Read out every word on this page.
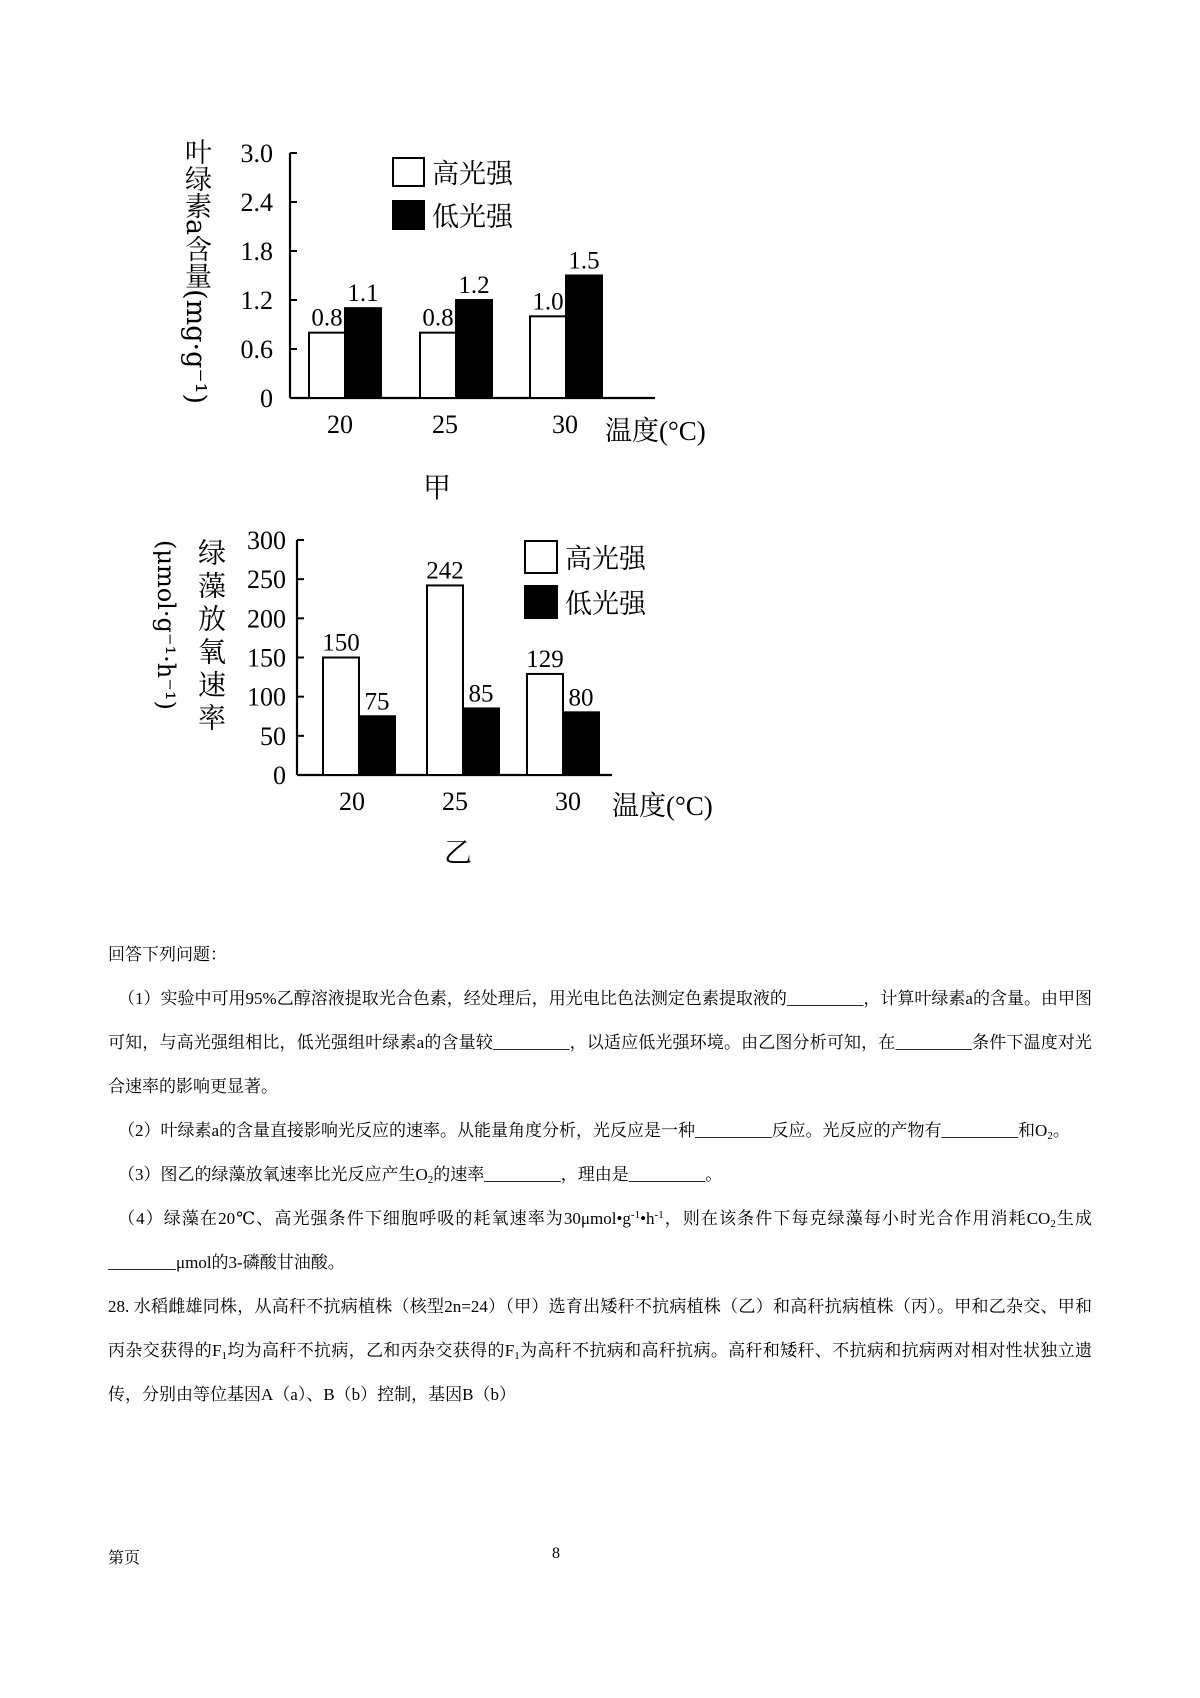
0
0.6
1.2
1.8
2.4
3.0
20	25	30
0.8	0.8
1.0
高光强
1.1	1.2
1.5
低光强
温度(°C)
甲
0
50
100
150
200
250
300
20	25	30
150
242
129
高光强
75	85	80
低光强
温度(°C)
乙
叶绿素a含量(mg·g⁻¹)
绿藻放氧速率
(μmol·g⁻¹·h⁻¹)

回答下列问题：

（1）实验中可用95%乙醇溶液提取光合色素，经处理后，用光电比色法测定色素提取液的_________，计算叶绿素a的含量。由甲图可知，与高光强组相比，低光强组叶绿素a的含量较_________，以适应低光强环境。由乙图分析可知，在_________条件下温度对光合速率的影响更显著。

（2）叶绿素a的含量直接影响光反应的速率。从能量角度分析，光反应是一种_________反应。光反应的产物有_________和$O_2$。

（3）图乙的绿藻放氧速率比光反应产生$O_2$的速率_________，理由是_________。

（4）绿藻在20℃、高光强条件下细胞呼吸的耗氧速率为$30\mu mol•g^{-1}•h^{-1}$，则在该条件下每克绿藻每小时光合作用消耗$CO_2$生成________μmol的3-磷酸甘油酸。

28. 水稻雌雄同株，从高秆不抗病植株（核型2n=24）（甲）选育出矮秆不抗病植株（乙）和高秆抗病植株（丙）。甲和乙杂交、甲和丙杂交获得的$F_1$均为高秆不抗病，乙和丙杂交获得的$F_1$为高秆不抗病和高秆抗病。高秆和矮秆、不抗病和抗病两对相对性状独立遗传，分别由等位基因A（a）、B（b）控制，基因B（b）

第页	8
